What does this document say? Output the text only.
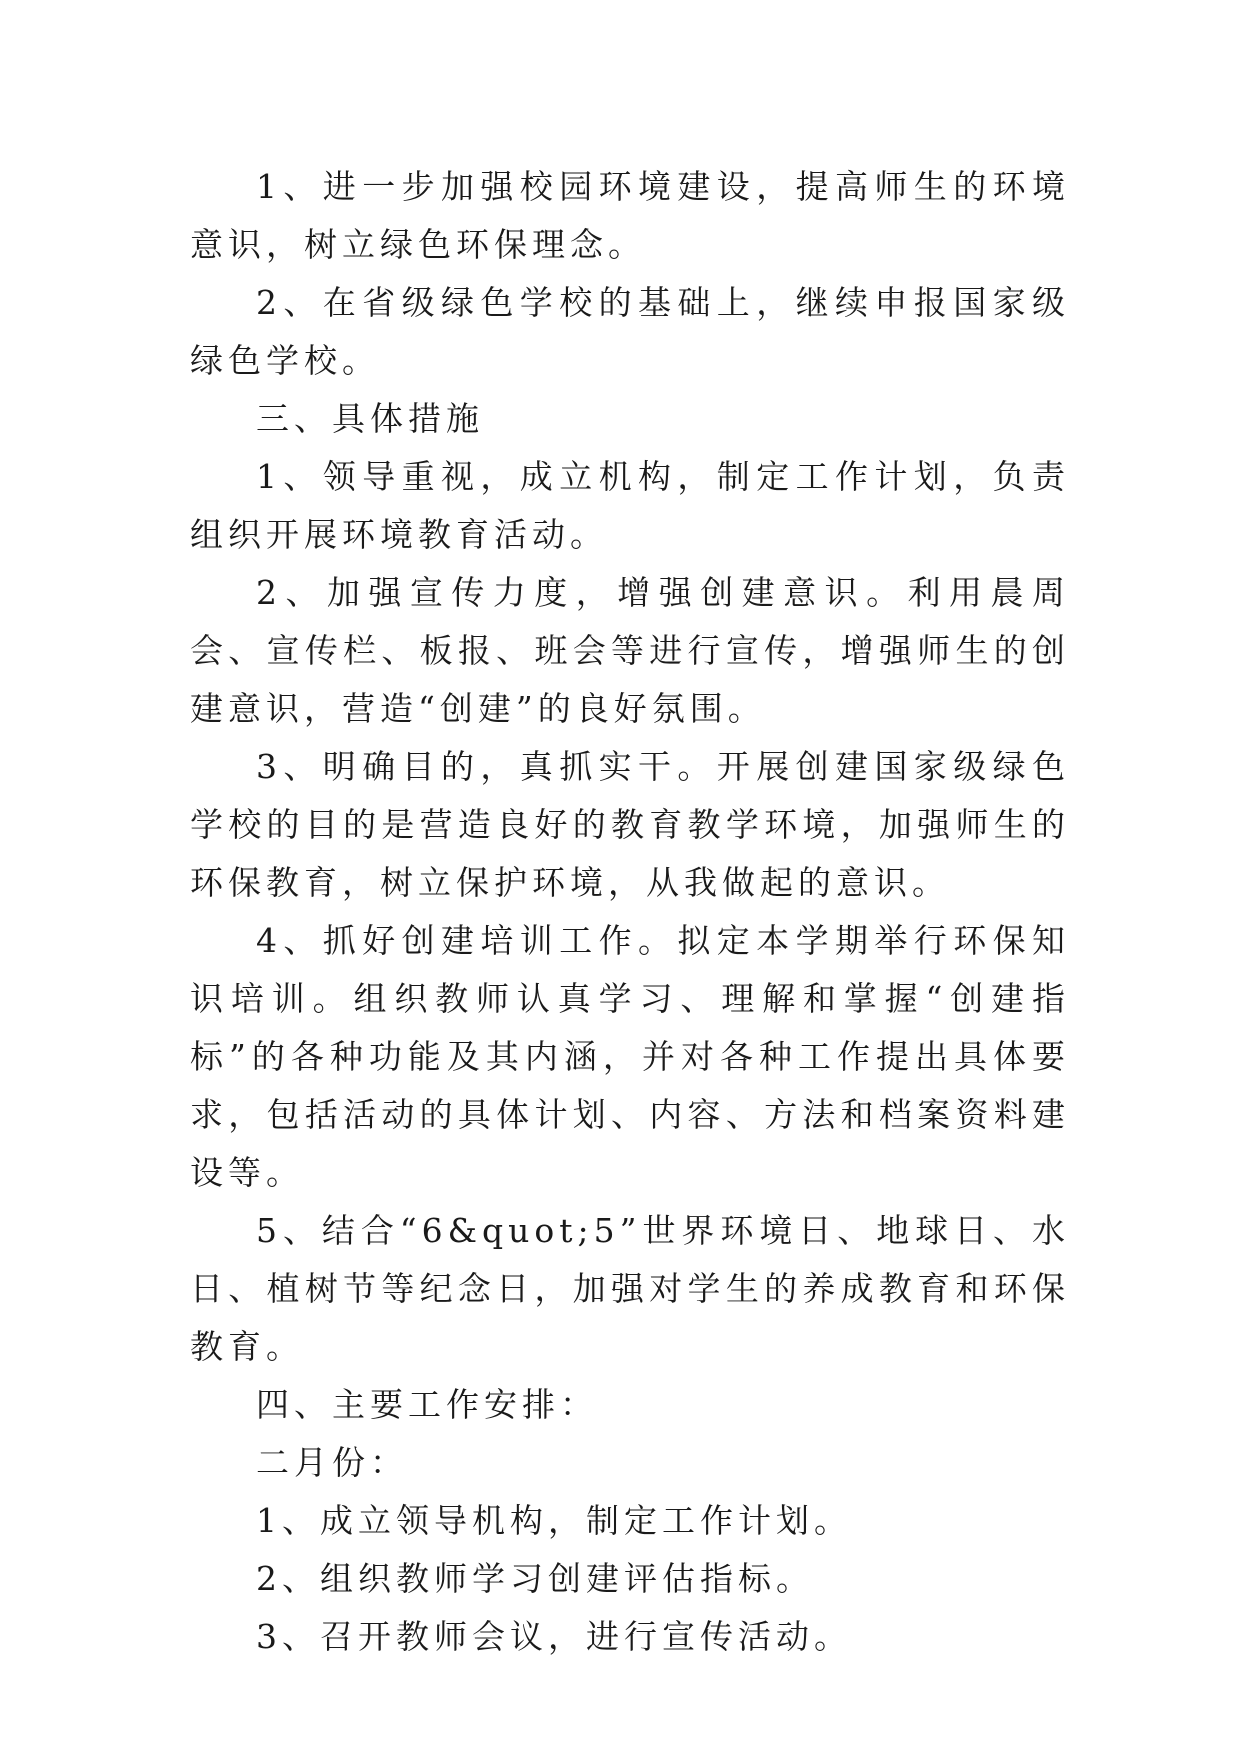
1、进一步加强校园环境建设，提高师生的环境意识，树立绿色环保理念。

2、在省级绿色学校的基础上，继续申报国家级绿色学校。

三、具体措施

1、领导重视，成立机构，制定工作计划，负责组织开展环境教育活动。

2、加强宣传力度，增强创建意识。利用晨周会、宣传栏、板报、班会等进行宣传，增强师生的创建意识，营造“创建”的良好氛围。

3、明确目的，真抓实干。开展创建国家级绿色学校的目的是营造良好的教育教学环境，加强师生的环保教育，树立保护环境，从我做起的意识。

4、抓好创建培训工作。拟定本学期举行环保知识培训。组织教师认真学习、理解和掌握“创建指标”的各种功能及其内涵，并对各种工作提出具体要求，包括活动的具体计划、内容、方法和档案资料建设等。

5、结合“6&quot;5”世界环境日、地球日、水日、植树节等纪念日，加强对学生的养成教育和环保教育。

四、主要工作安排：

二月份：

1、成立领导机构，制定工作计划。

2、组织教师学习创建评估指标。

3、召开教师会议，进行宣传活动。
